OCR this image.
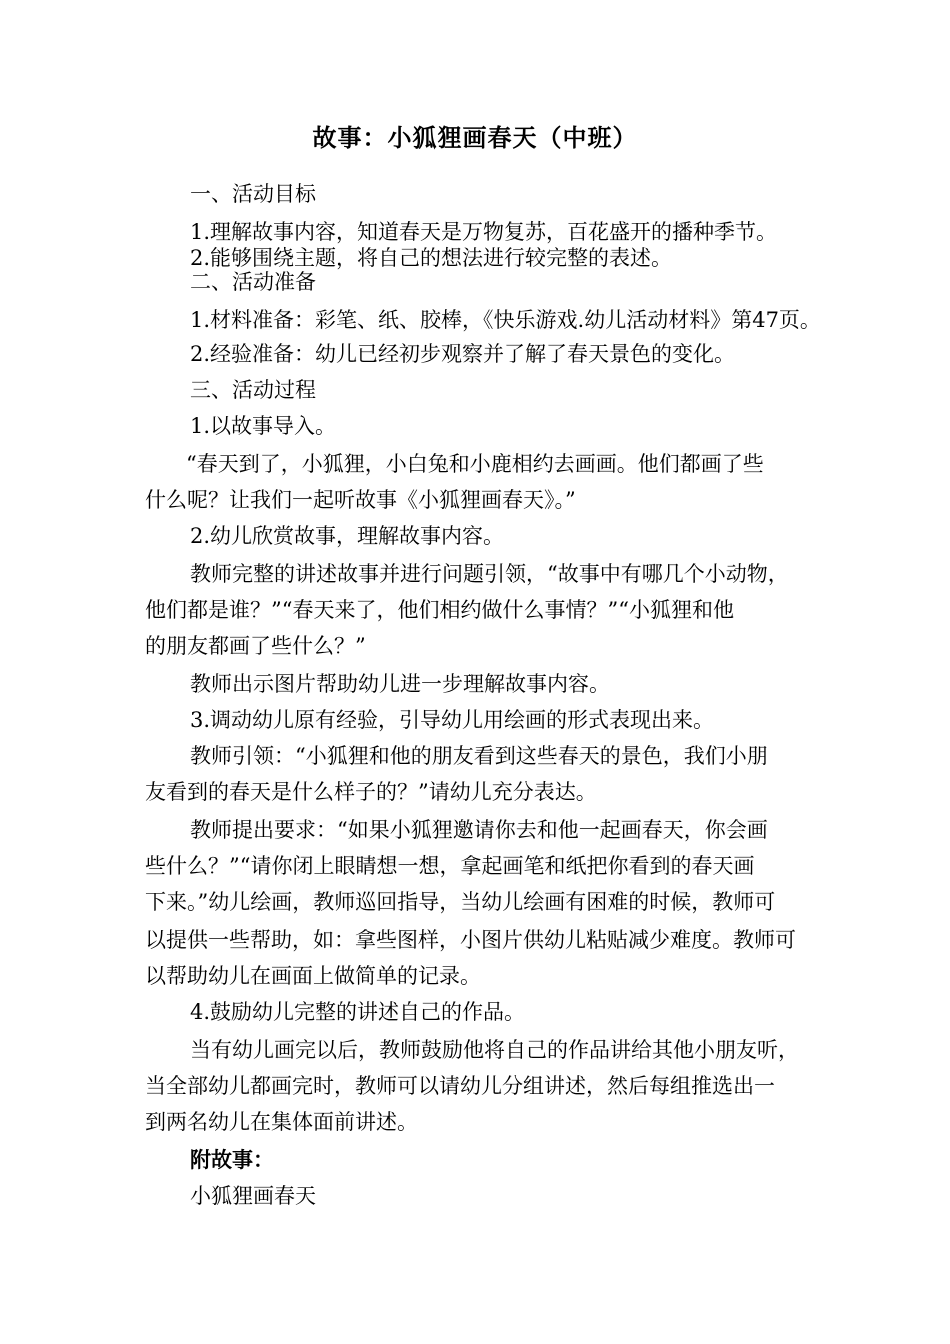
故事：小狐狸画春天（中班）
一、活动目标
1.理解故事内容，知道春天是万物复苏，百花盛开的播种季节。
2.能够围绕主题，将自己的想法进行较完整的表述。
二、活动准备
1.材料准备：彩笔、纸、胶棒，《快乐游戏.幼儿活动材料》第47页。
2.经验准备：幼儿已经初步观察并了解了春天景色的变化。
三、活动过程
1.以故事导入。
“春天到了，小狐狸，小白兔和小鹿相约去画画。他们都画了些
什么呢？让我们一起听故事《小狐狸画春天》。”
2.幼儿欣赏故事，理解故事内容。
教师完整的讲述故事并进行问题引领，“故事中有哪几个小动物，
他们都是谁？”“春天来了，他们相约做什么事情？”“小狐狸和他
的朋友都画了些什么？”
教师出示图片帮助幼儿进一步理解故事内容。
3.调动幼儿原有经验，引导幼儿用绘画的形式表现出来。
教师引领：“小狐狸和他的朋友看到这些春天的景色，我们小朋
友看到的春天是什么样子的？”请幼儿充分表达。
教师提出要求：“如果小狐狸邀请你去和他一起画春天，你会画
些什么？”“请你闭上眼睛想一想，拿起画笔和纸把你看到的春天画
下来。”幼儿绘画，教师巡回指导，当幼儿绘画有困难的时候，教师可
以提供一些帮助，如：拿些图样，小图片供幼儿粘贴减少难度。教师可
以帮助幼儿在画面上做简单的记录。
4.鼓励幼儿完整的讲述自己的作品。
当有幼儿画完以后，教师鼓励他将自己的作品讲给其他小朋友听，
当全部幼儿都画完时，教师可以请幼儿分组讲述，然后每组推选出一
到两名幼儿在集体面前讲述。
附故事：
小狐狸画春天
